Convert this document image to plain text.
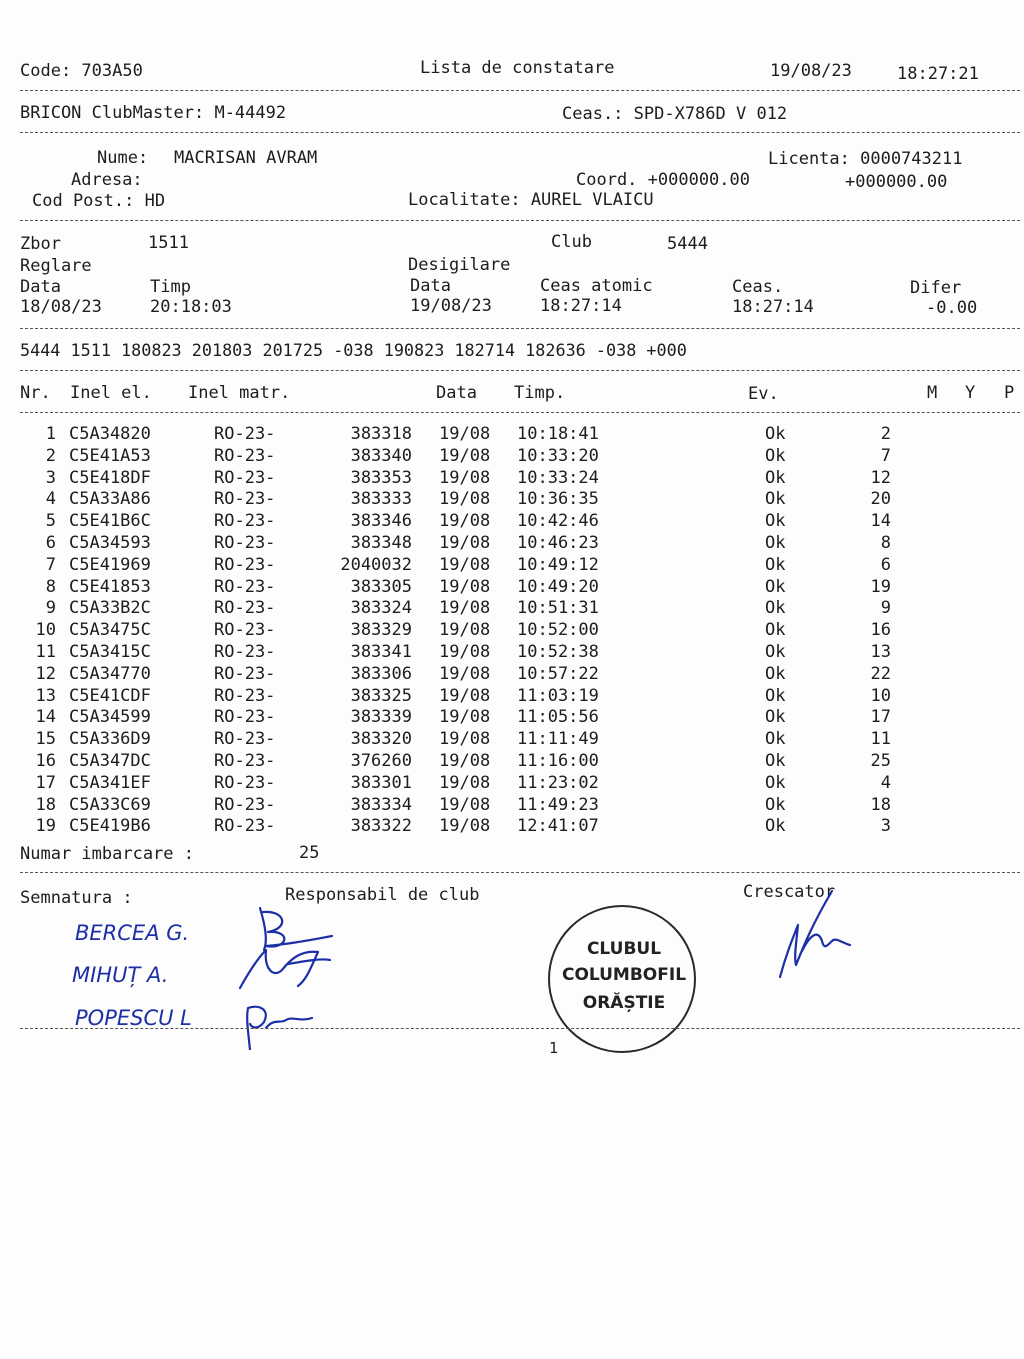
Code: 703A50	Lista de constatare	19/08/23	18:27:21
BRICON ClubMaster: M-44492	Ceas.: SPD-X786D V 012
Nume: MACRISAN AVRAM	Licenta: 0000743211
Adresa:	Coord. +000000.00	+000000.00
Cod Post.: HD	Localitate: AUREL VLAICU
Zbor	1511	Club	5444
Reglare	Desigilare
Data	Timp	Data	Ceas atomic	Ceas.	Difer
18/08/23	20:18:03	19/08/23	18:27:14	18:27:14	-0.00
5444 1511 180823 201803 201725 -038 190823 182714 182636 -038 +000
Nr. Inel el. Inel matr.	Data Timp.	Ev.	M Y P
1 C5A34820	RO-23-	383318 19/08 10:18:41	Ok	2
2 C5E41A53	RO-23-	383340 19/08 10:33:20	Ok	7
3 C5E418DF	RO-23-	383353 19/08 10:33:24	Ok	12
4 C5A33A86	RO-23-	383333 19/08 10:36:35	Ok	20
5 C5E41B6C	RO-23-	383346 19/08 10:42:46	Ok	14
6 C5A34593	RO-23-	383348 19/08 10:46:23	Ok	8
7 C5E41969	RO-23-	2040032 19/08 10:49:12	Ok	6
8 C5E41853	RO-23-	383305 19/08 10:49:20	Ok	19
9 C5A33B2C	RO-23-	383324 19/08 10:51:31	Ok	9
10 C5A3475C	RO-23-	383329 19/08 10:52:00	Ok	16
11 C5A3415C	RO-23-	383341 19/08 10:52:38	Ok	13
12 C5A34770	RO-23-	383306 19/08 10:57:22	Ok	22
13 C5E41CDF	RO-23-	383325 19/08 11:03:19	Ok	10
14 C5A34599	RO-23-	383339 19/08 11:05:56	Ok	17
15 C5A336D9	RO-23-	383320 19/08 11:11:49	Ok	11
16 C5A347DC	RO-23-	376260 19/08 11:16:00	Ok	25
17 C5A341EF	RO-23-	383301 19/08 11:23:02	Ok	4
18 C5A33C69	RO-23-	383334 19/08 11:49:23	Ok	18
19 C5E419B6	RO-23-	383322 19/08 12:41:07	Ok	3
Numar imbarcare :	25
Semnatura :	Responsabil de club	Crescator
BERCEA G.
MIHUȚ A.
POPESCU L
CLUBUL
COLUMBOFIL
ORĂȘTIE
1
